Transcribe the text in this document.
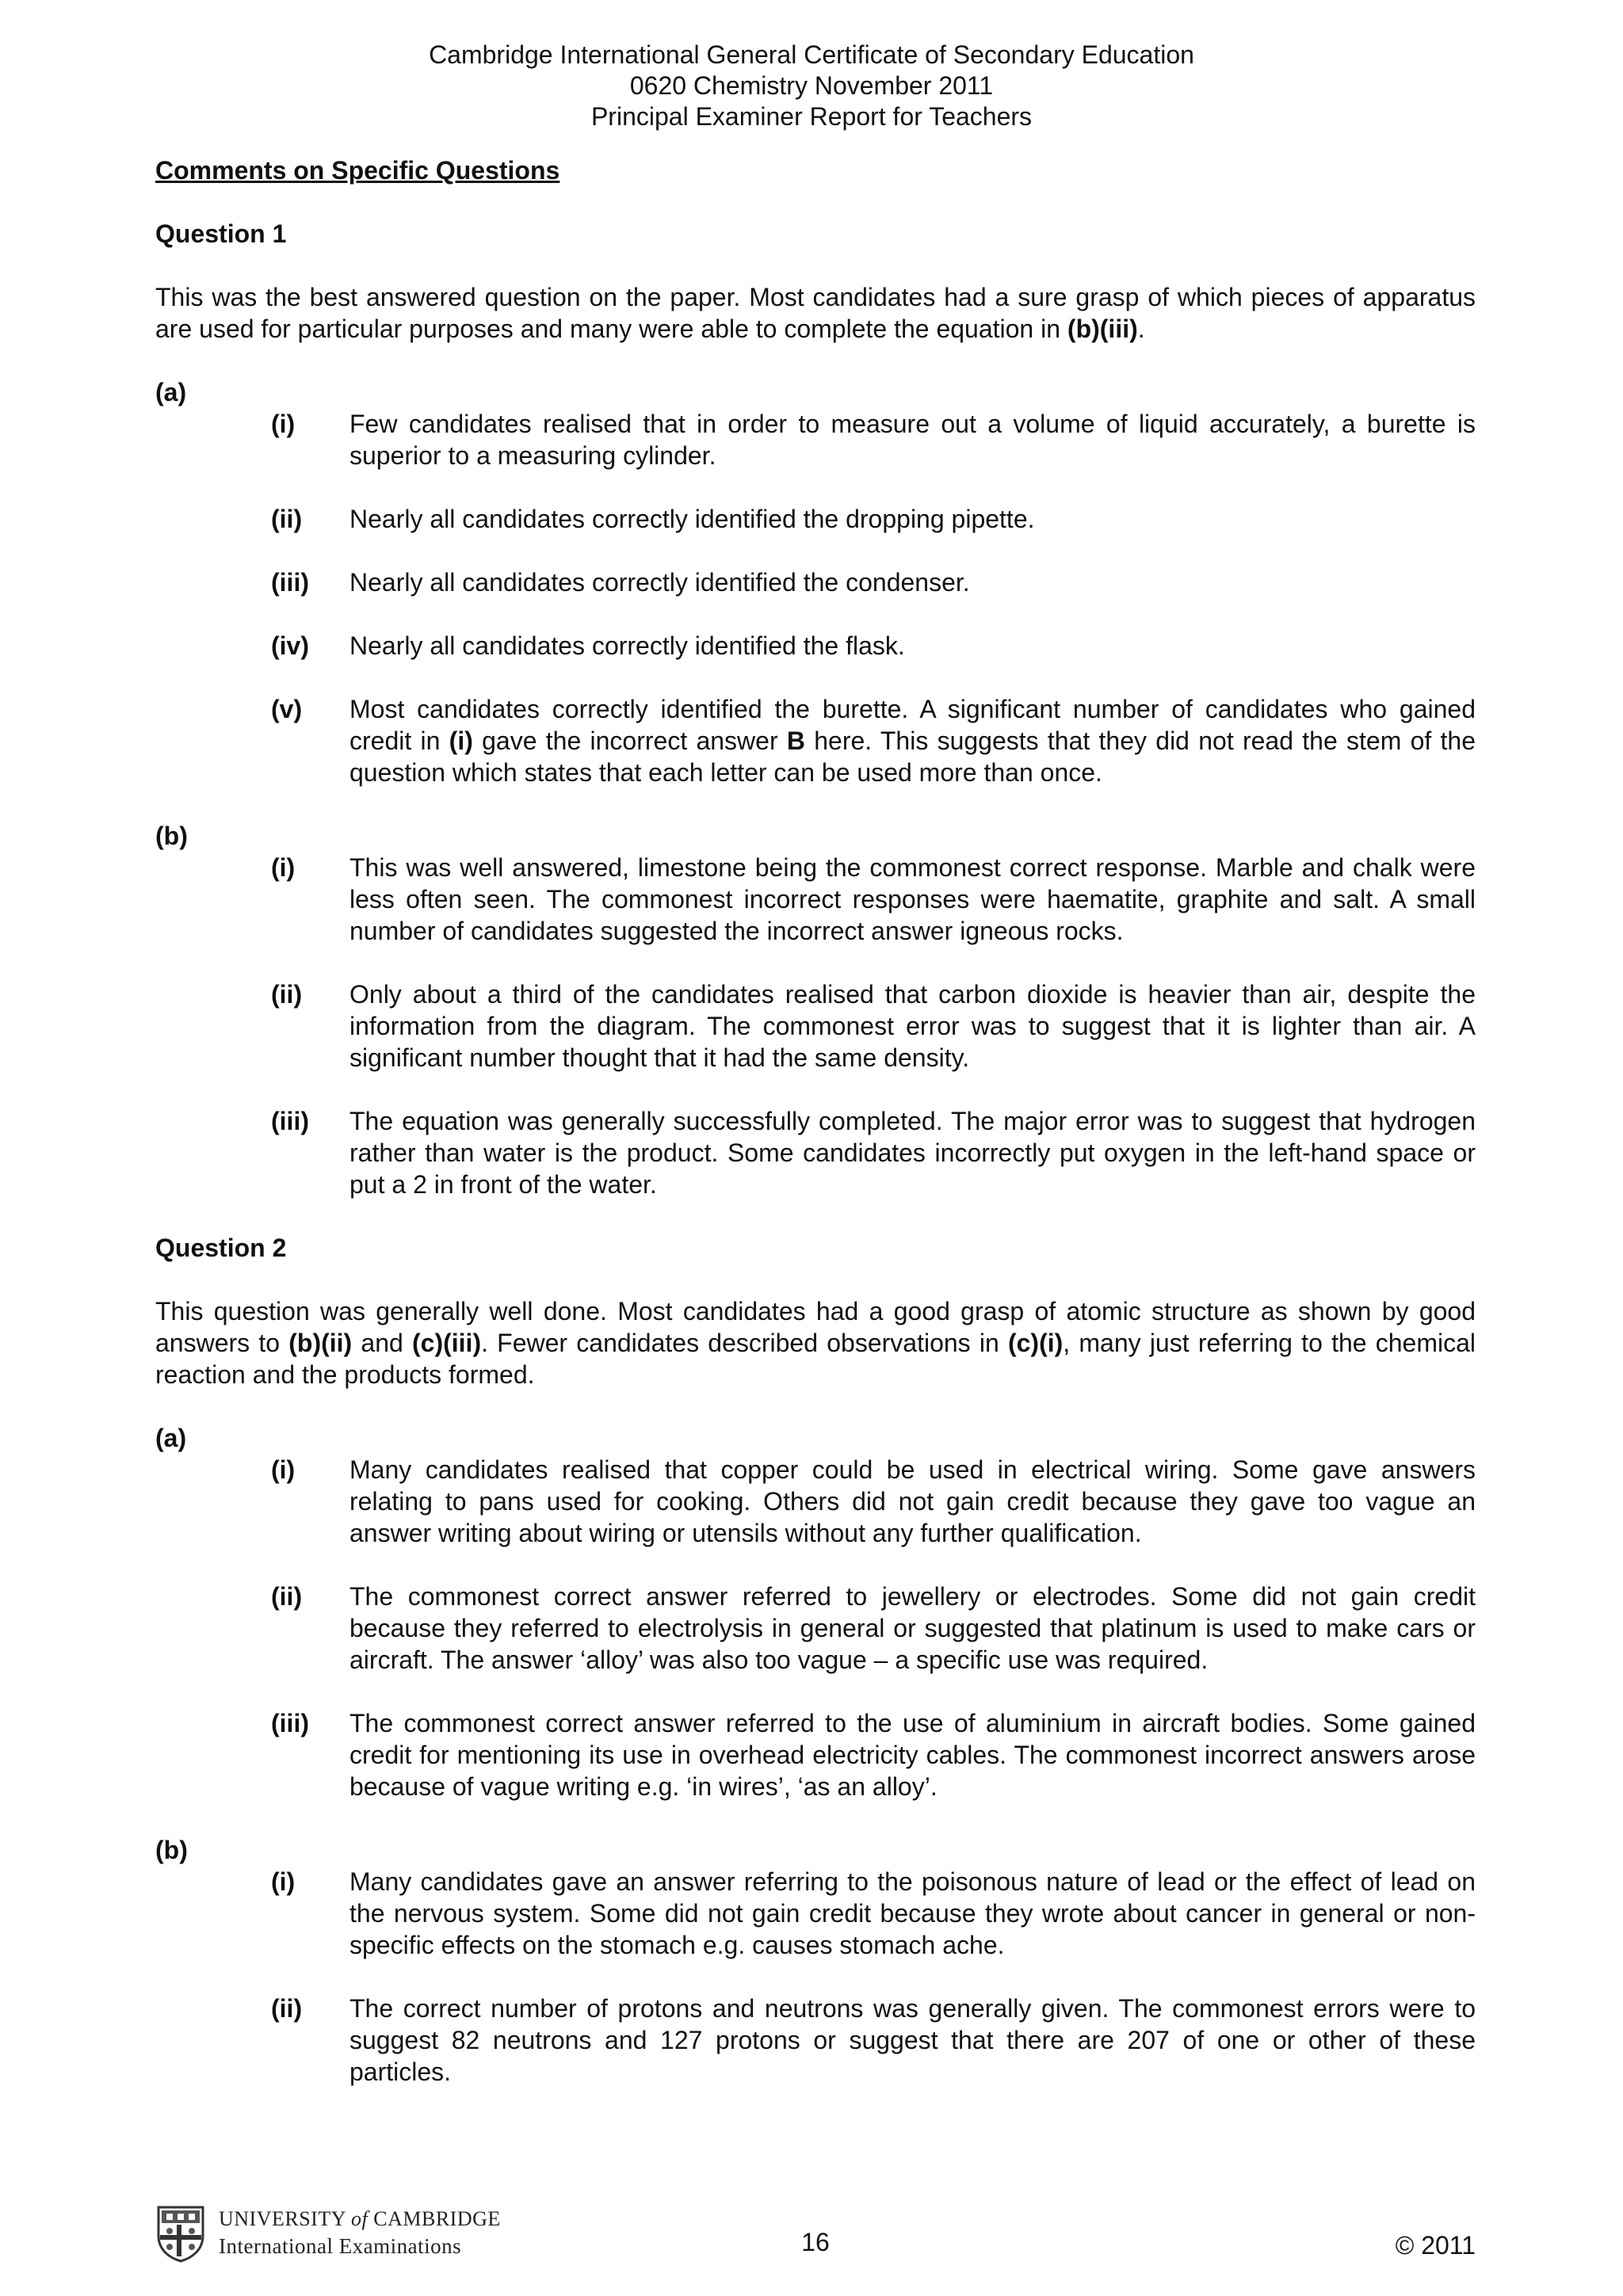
Cambridge International General Certificate of Secondary Education
0620 Chemistry November 2011
Principal Examiner Report for Teachers
Comments on Specific Questions
Question 1
This was the best answered question on the paper. Most candidates had a sure grasp of which pieces of apparatus are used for particular purposes and many were able to complete the equation in (b)(iii).
(a)
(i)	Few candidates realised that in order to measure out a volume of liquid accurately, a burette is superior to a measuring cylinder.
(ii)	Nearly all candidates correctly identified the dropping pipette.
(iii)	Nearly all candidates correctly identified the condenser.
(iv)	Nearly all candidates correctly identified the flask.
(v)	Most candidates correctly identified the burette. A significant number of candidates who gained credit in (i) gave the incorrect answer B here. This suggests that they did not read the stem of the question which states that each letter can be used more than once.
(b)
(i)	This was well answered, limestone being the commonest correct response. Marble and chalk were less often seen. The commonest incorrect responses were haematite, graphite and salt. A small number of candidates suggested the incorrect answer igneous rocks.
(ii)	Only about a third of the candidates realised that carbon dioxide is heavier than air, despite the information from the diagram. The commonest error was to suggest that it is lighter than air. A significant number thought that it had the same density.
(iii)	The equation was generally successfully completed. The major error was to suggest that hydrogen rather than water is the product. Some candidates incorrectly put oxygen in the left-hand space or put a 2 in front of the water.
Question 2
This question was generally well done. Most candidates had a good grasp of atomic structure as shown by good answers to (b)(ii) and (c)(iii). Fewer candidates described observations in (c)(i), many just referring to the chemical reaction and the products formed.
(a)
(i)	Many candidates realised that copper could be used in electrical wiring. Some gave answers relating to pans used for cooking. Others did not gain credit because they gave too vague an answer writing about wiring or utensils without any further qualification.
(ii)	The commonest correct answer referred to jewellery or electrodes. Some did not gain credit because they referred to electrolysis in general or suggested that platinum is used to make cars or aircraft. The answer ‘alloy’ was also too vague – a specific use was required.
(iii)	The commonest correct answer referred to the use of aluminium in aircraft bodies. Some gained credit for mentioning its use in overhead electricity cables. The commonest incorrect answers arose because of vague writing e.g. ‘in wires’, ‘as an alloy’.
(b)
(i)	Many candidates gave an answer referring to the poisonous nature of lead or the effect of lead on the nervous system. Some did not gain credit because they wrote about cancer in general or non-specific effects on the stomach e.g. causes stomach ache.
(ii)	The correct number of protons and neutrons was generally given. The commonest errors were to suggest 82 neutrons and 127 protons or suggest that there are 207 of one or other of these particles.
UNIVERSITY of CAMBRIDGE
International Examinations	16	© 2011
